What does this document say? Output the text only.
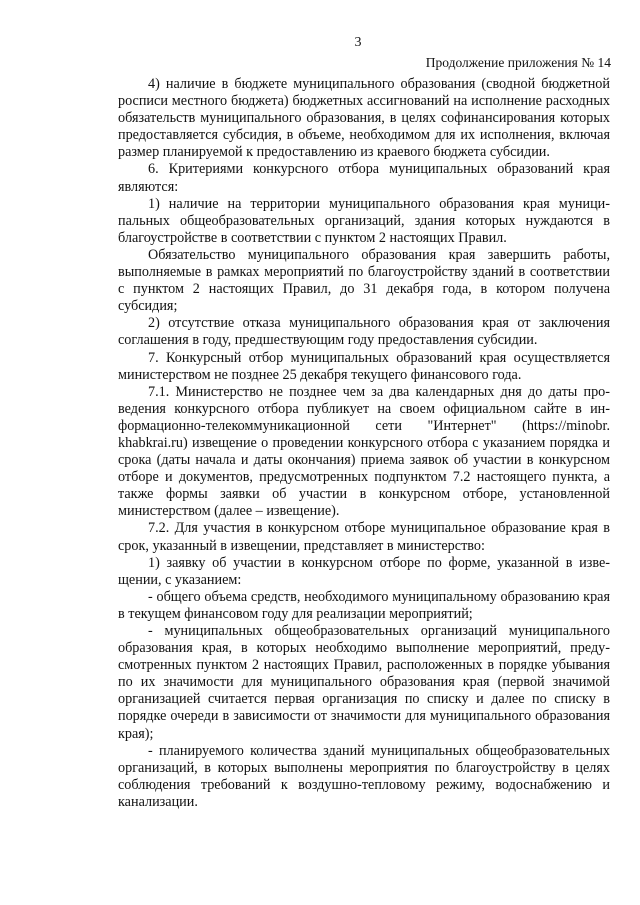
3
Продолжение приложения № 14

4) наличие в бюджете муниципального образования (сводной бюджетной росписи местного бюджета) бюджетных ассигнований на исполнение расходных обязательств муниципального образования, в целях софинансирования которых предоставляется субсидия, в объеме, необходимом для их исполнения, включая размер планируемой к предоставлению из краевого бюджета субсидии.

6. Критериями конкурсного отбора муниципальных образований края являются:

1) наличие на территории муниципального образования края муниципальных общеобразовательных организаций, здания которых нуждаются в благоустройстве в соответствии с пунктом 2 настоящих Правил.

Обязательство муниципального образования края завершить работы, выполняемые в рамках мероприятий по благоустройству зданий в соответствии с пунктом 2 настоящих Правил, до 31 декабря года, в котором получена субсидия;

2) отсутствие отказа муниципального образования края от заключения соглашения в году, предшествующим году предоставления субсидии.

7. Конкурсный отбор муниципальных образований края осуществляется министерством не позднее 25 декабря текущего финансового года.

7.1. Министерство не позднее чем за два календарных дня до даты проведения конкурсного отбора публикует на своем официальном сайте в информационно-телекоммуникационной сети "Интернет" (https://minobr.​khabkrai.ru) извещение о проведении конкурсного отбора с указанием порядка и срока (даты начала и даты окончания) приема заявок об участии в конкурсном отборе и документов, предусмотренных подпунктом 7.2 настоящего пункта, а также формы заявки об участии в конкурсном отборе, установленной министерством (далее – извещение).

7.2. Для участия в конкурсном отборе муниципальное образование края в срок, указанный в извещении, представляет в министерство:

1) заявку об участии в конкурсном отборе по форме, указанной в извещении, с указанием:

- общего объема средств, необходимого муниципальному образованию края в текущем финансовом году для реализации мероприятий;

- муниципальных общеобразовательных организаций муниципального образования края, в которых необходимо выполнение мероприятий, предусмотренных пунктом 2 настоящих Правил, расположенных в порядке убывания по их значимости для муниципального образования края (первой значимой организацией считается первая организация по списку и далее по списку в порядке очереди в зависимости от значимости для муниципального образования края);

- планируемого количества зданий муниципальных общеобразовательных организаций, в которых выполнены мероприятия по благоустройству в целях соблюдения требований к воздушно-тепловому режиму, водоснабжению и канализации.
